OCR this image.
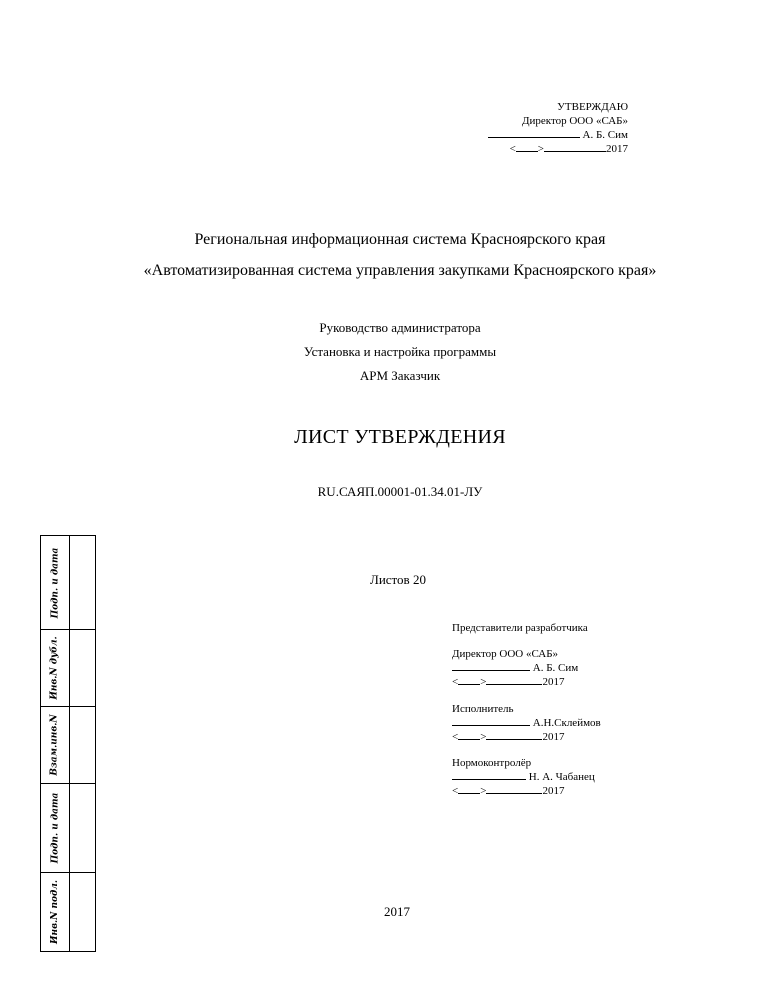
УТВЕРЖДАЮ
Директор ООО «САБ»
А. Б. Сим
< >	2017
Региональная информационная система Красноярского края
«Автоматизированная система управления закупками Красноярского края»
Руководство администратора
Установка и настройка программы
АРМ Заказчик
ЛИСТ УТВЕРЖДЕНИЯ
RU.САЯП.00001-01.34.01-ЛУ
Листов 20
Представители разработчика
Директор ООО «САБ»
А. Б. Сим
< >	2017
Исполнитель
А.Н.Склеймов
< >	2017
Нормоконтролёр
Н. А. Чабанец
< >	2017
2017
Подп. и дата
Инв.N дубл.
Взам.инв.N
Подп. и дата
Инв.N подл.
